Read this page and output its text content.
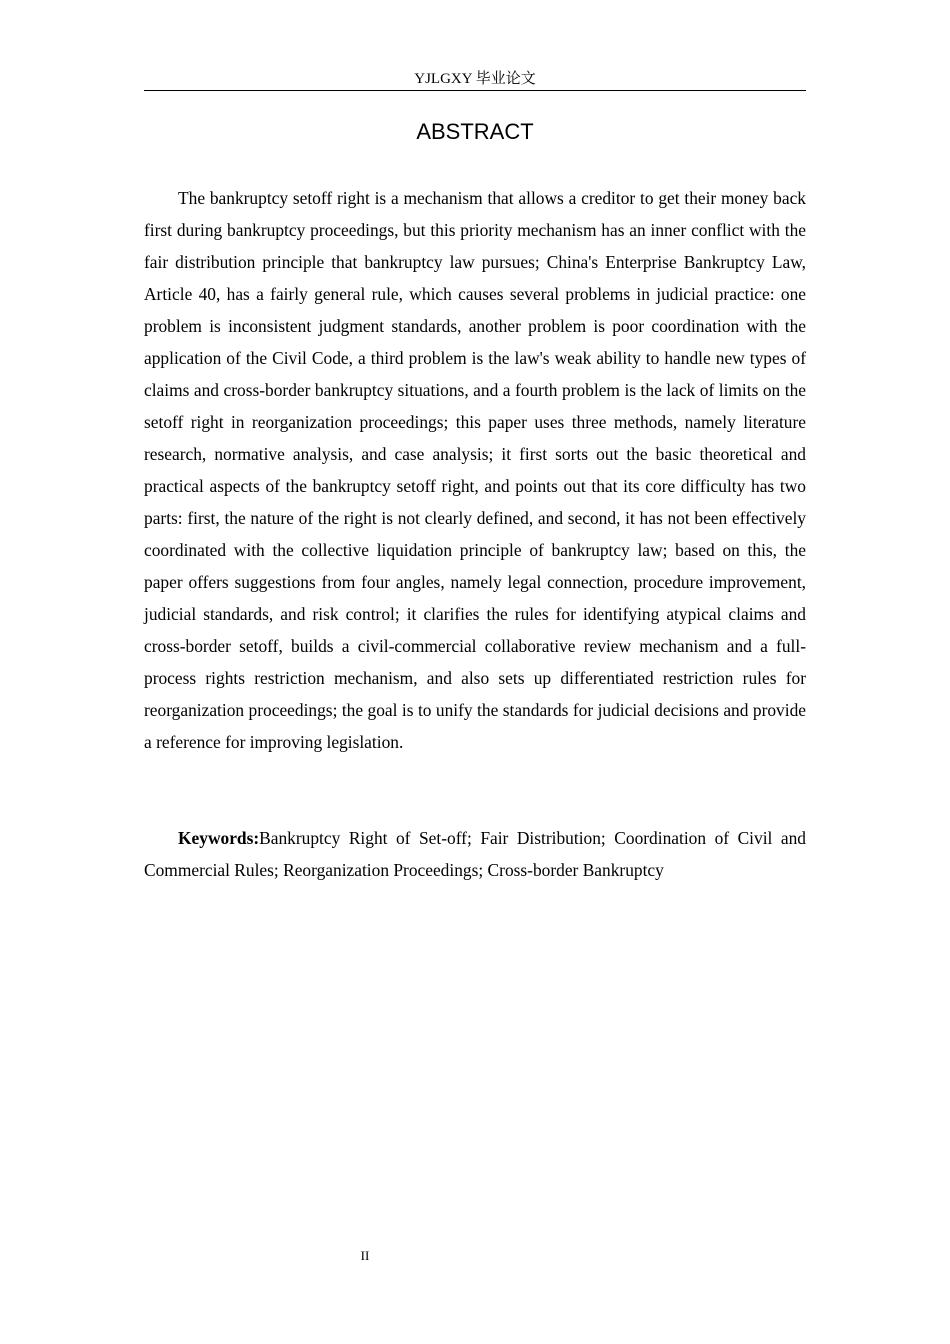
YJLGXY 毕业论文
ABSTRACT

The bankruptcy setoff right is a mechanism that allows a creditor to get their money back first during bankruptcy proceedings, but this priority mechanism has an inner conflict with the fair distribution principle that bankruptcy law pursues; China's Enterprise Bankruptcy Law, Article 40, has a fairly general rule, which causes several problems in judicial practice: one problem is inconsistent judgment standards, another problem is poor coordination with the application of the Civil Code, a third problem is the law's weak ability to handle new types of claims and cross-border bankruptcy situations, and a fourth problem is the lack of limits on the setoff right in reorganization proceedings; this paper uses three methods, namely literature research, normative analysis, and case analysis; it first sorts out the basic theoretical and practical aspects of the bankruptcy setoff right, and points out that its core difficulty has two parts: first, the nature of the right is not clearly defined, and second, it has not been effectively coordinated with the collective liquidation principle of bankruptcy law; based on this, the paper offers suggestions from four angles, namely legal connection, procedure improvement, judicial standards, and risk control; it clarifies the rules for identifying atypical claims and cross-border setoff, builds a civil-commercial collaborative review mechanism and a full-process rights restriction mechanism, and also sets up differentiated restriction rules for reorganization proceedings; the goal is to unify the standards for judicial decisions and provide a reference for improving legislation.

Keywords:Bankruptcy Right of Set-off; Fair Distribution; Coordination of Civil and Commercial Rules; Reorganization Proceedings; Cross-border Bankruptcy

II
